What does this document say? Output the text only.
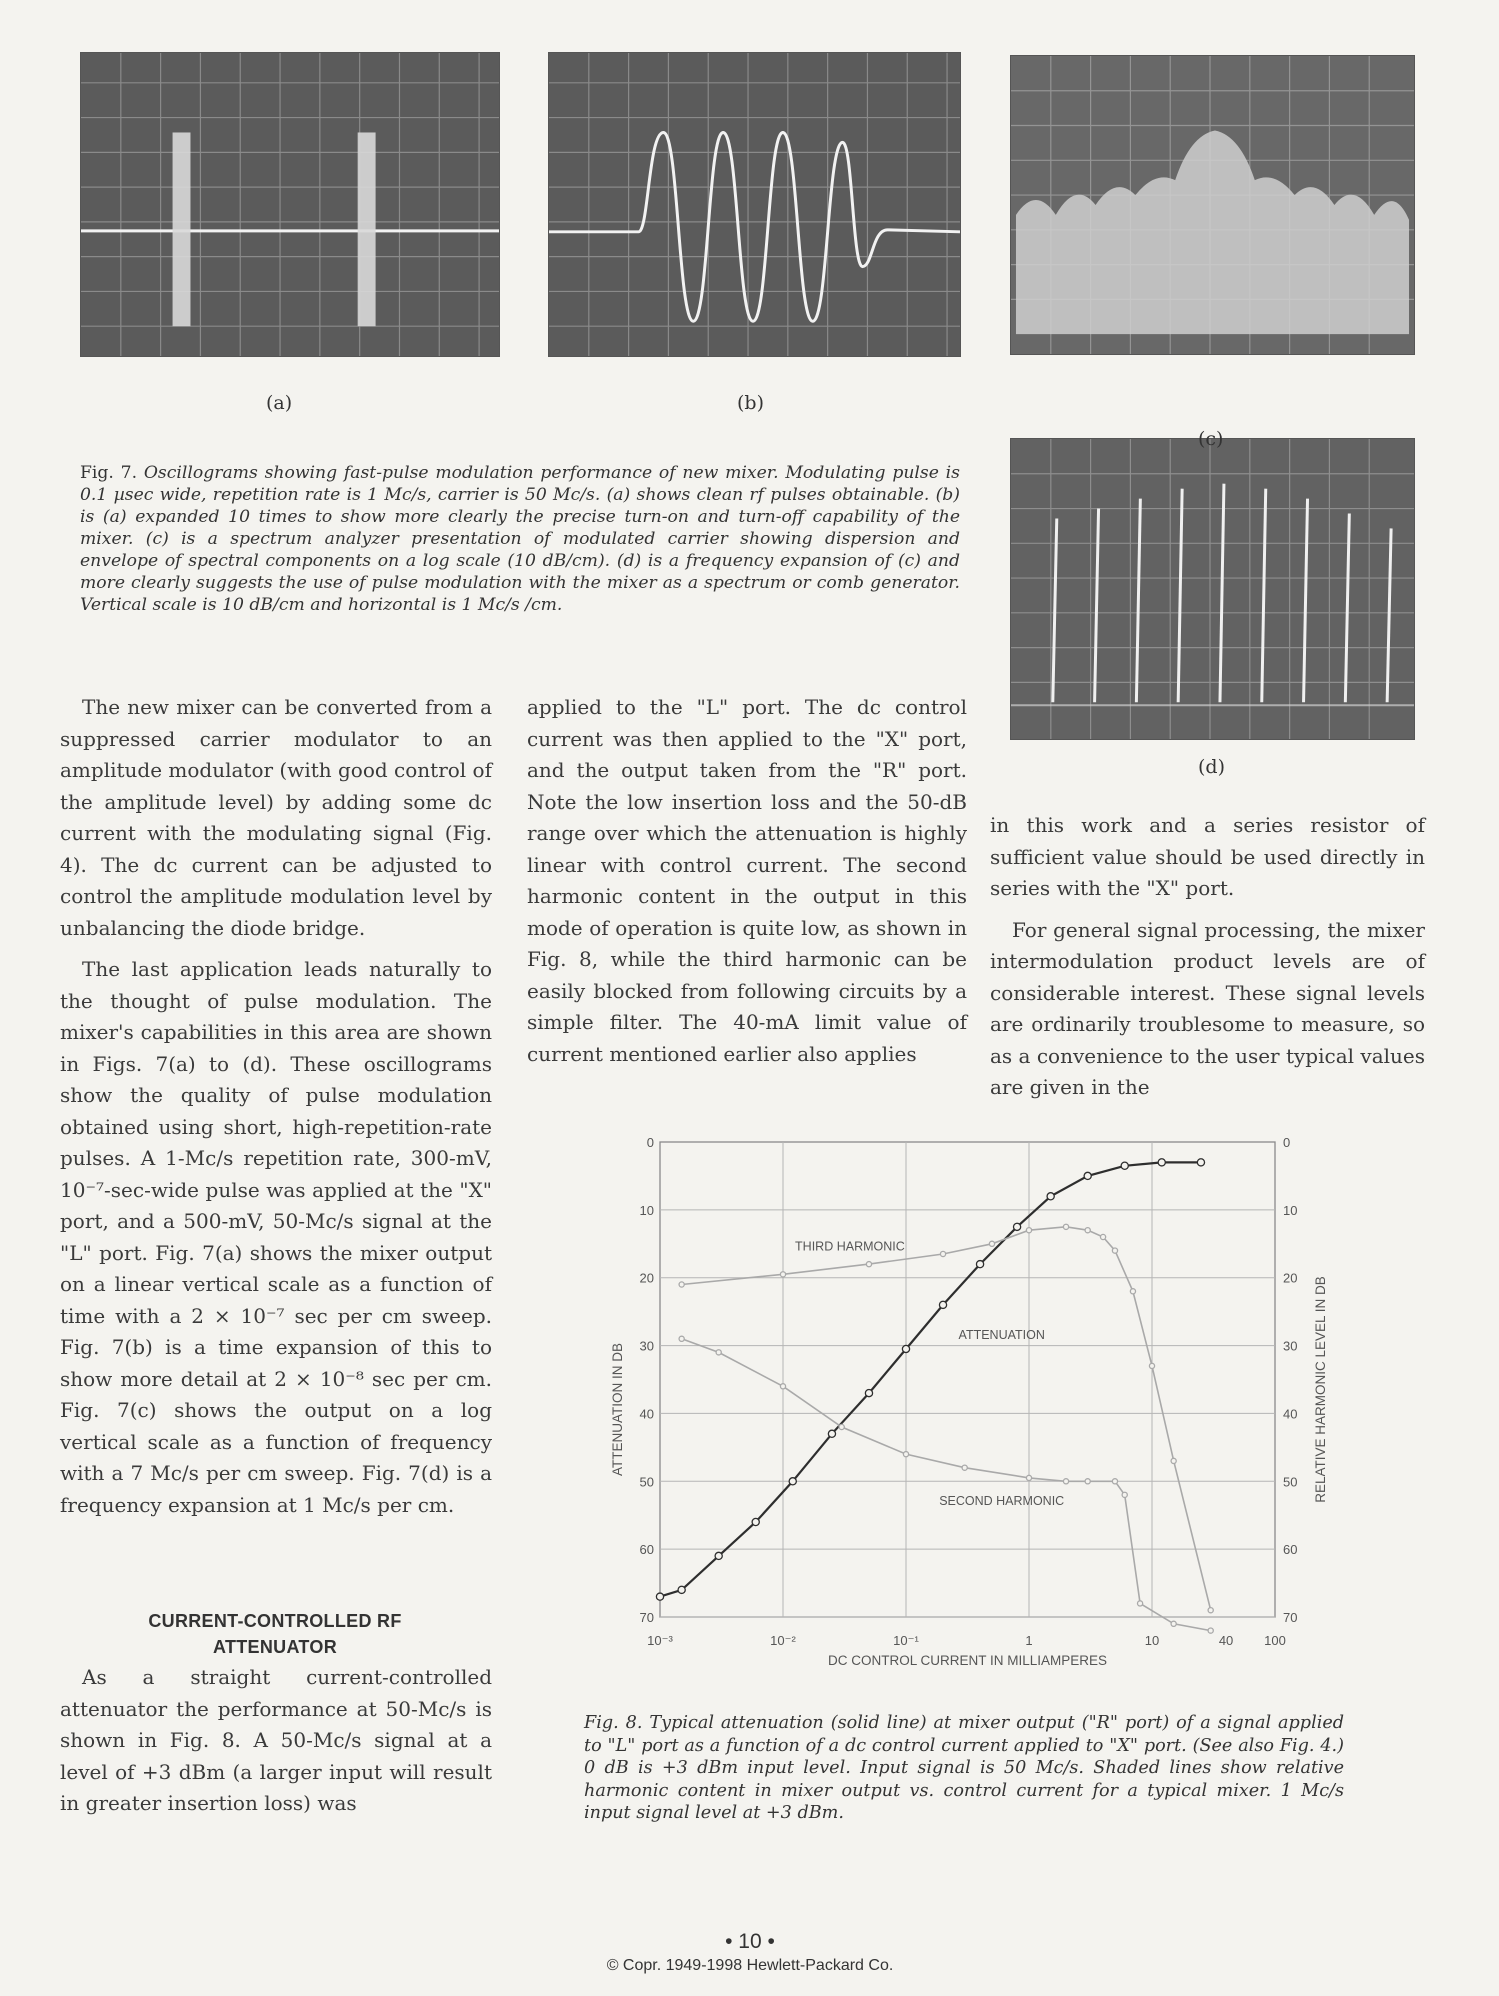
(a)	(b)
(c)
(d)
Fig. 7. Oscillograms showing fast-pulse modulation performance of new mixer. Modulating pulse is 0.1 µsec wide, repetition rate is 1 Mc/s, carrier is 50 Mc/s. (a) shows clean rf pulses obtainable. (b) is (a) expanded 10 times to show more clearly the precise turn-on and turn-off capability of the mixer. (c) is a spectrum analyzer presentation of modulated carrier showing dispersion and envelope of spectral components on a log scale (10 dB/cm). (d) is a frequency expansion of (c) and more clearly suggests the use of pulse modulation with the mixer as a spectrum or comb generator. Vertical scale is 10 dB/cm and horizontal is 1 Mc/s /cm.

The new mixer can be converted from a suppressed carrier modulator to an amplitude modulator (with good control of the amplitude level) by adding some dc current with the modulating signal (Fig. 4). The dc current can be adjusted to control the amplitude modulation level by unbalancing the diode bridge.

The last application leads naturally to the thought of pulse modulation. The mixer's capabilities in this area are shown in Figs. 7(a) to (d). These oscillograms show the quality of pulse modulation obtained using short, high-repetition-rate pulses. A 1-Mc/s repetition rate, 300-mV, 10⁻⁷-sec-wide pulse was applied at the "X" port, and a 500-mV, 50-Mc/s signal at the "L" port. Fig. 7(a) shows the mixer output on a linear vertical scale as a function of time with a 2 × 10⁻⁷ sec per cm sweep. Fig. 7(b) is a time expansion of this to show more detail at 2 × 10⁻⁸ sec per cm. Fig. 7(c) shows the output on a log vertical scale as a function of frequency with a 7 Mc/s per cm sweep. Fig. 7(d) is a frequency expansion at 1 Mc/s per cm.

CURRENT-CONTROLLED RF ATTENUATOR

As a straight current-controlled attenuator the performance at 50-Mc/s is shown in Fig. 8. A 50-Mc/s signal at a level of +3 dBm (a larger input will result in greater insertion loss) was

applied to the "L" port. The dc control current was then applied to the "X" port, and the output taken from the "R" port. Note the low insertion loss and the 50-dB range over which the attenuation is highly linear with control current. The second harmonic content in the output in this mode of operation is quite low, as shown in Fig. 8, while the third harmonic can be easily blocked from following circuits by a simple filter. The 40-mA limit value of current mentioned earlier also applies

in this work and a series resistor of sufficient value should be used directly in series with the "X" port.

For general signal processing, the mixer intermodulation product levels are of considerable interest. These signal levels are ordinarily troublesome to measure, so as a convenience to the user typical values are given in the

0	0
10	10
20	20
30	30
40	40
50	50
60	60
70	70
10⁻³	10⁻²	10⁻¹	1	10	40 100
DC CONTROL CURRENT IN MILLIAMPERES
ATTENUATION IN DB	RELATIVE HARMONIC LEVEL IN DB
ATTENUATION
THIRD HARMONIC
SECOND HARMONIC
Fig. 8. Typical attenuation (solid line) at mixer output ("R" port) of a signal applied to "L" port as a function of a dc control current applied to "X" port. (See also Fig. 4.) 0 dB is +3 dBm input level. Input signal is 50 Mc/s. Shaded lines show relative harmonic content in mixer output vs. control current for a typical mixer. 1 Mc/s input signal level at +3 dBm.
• 10 •
© Copr. 1949-1998 Hewlett-Packard Co.
